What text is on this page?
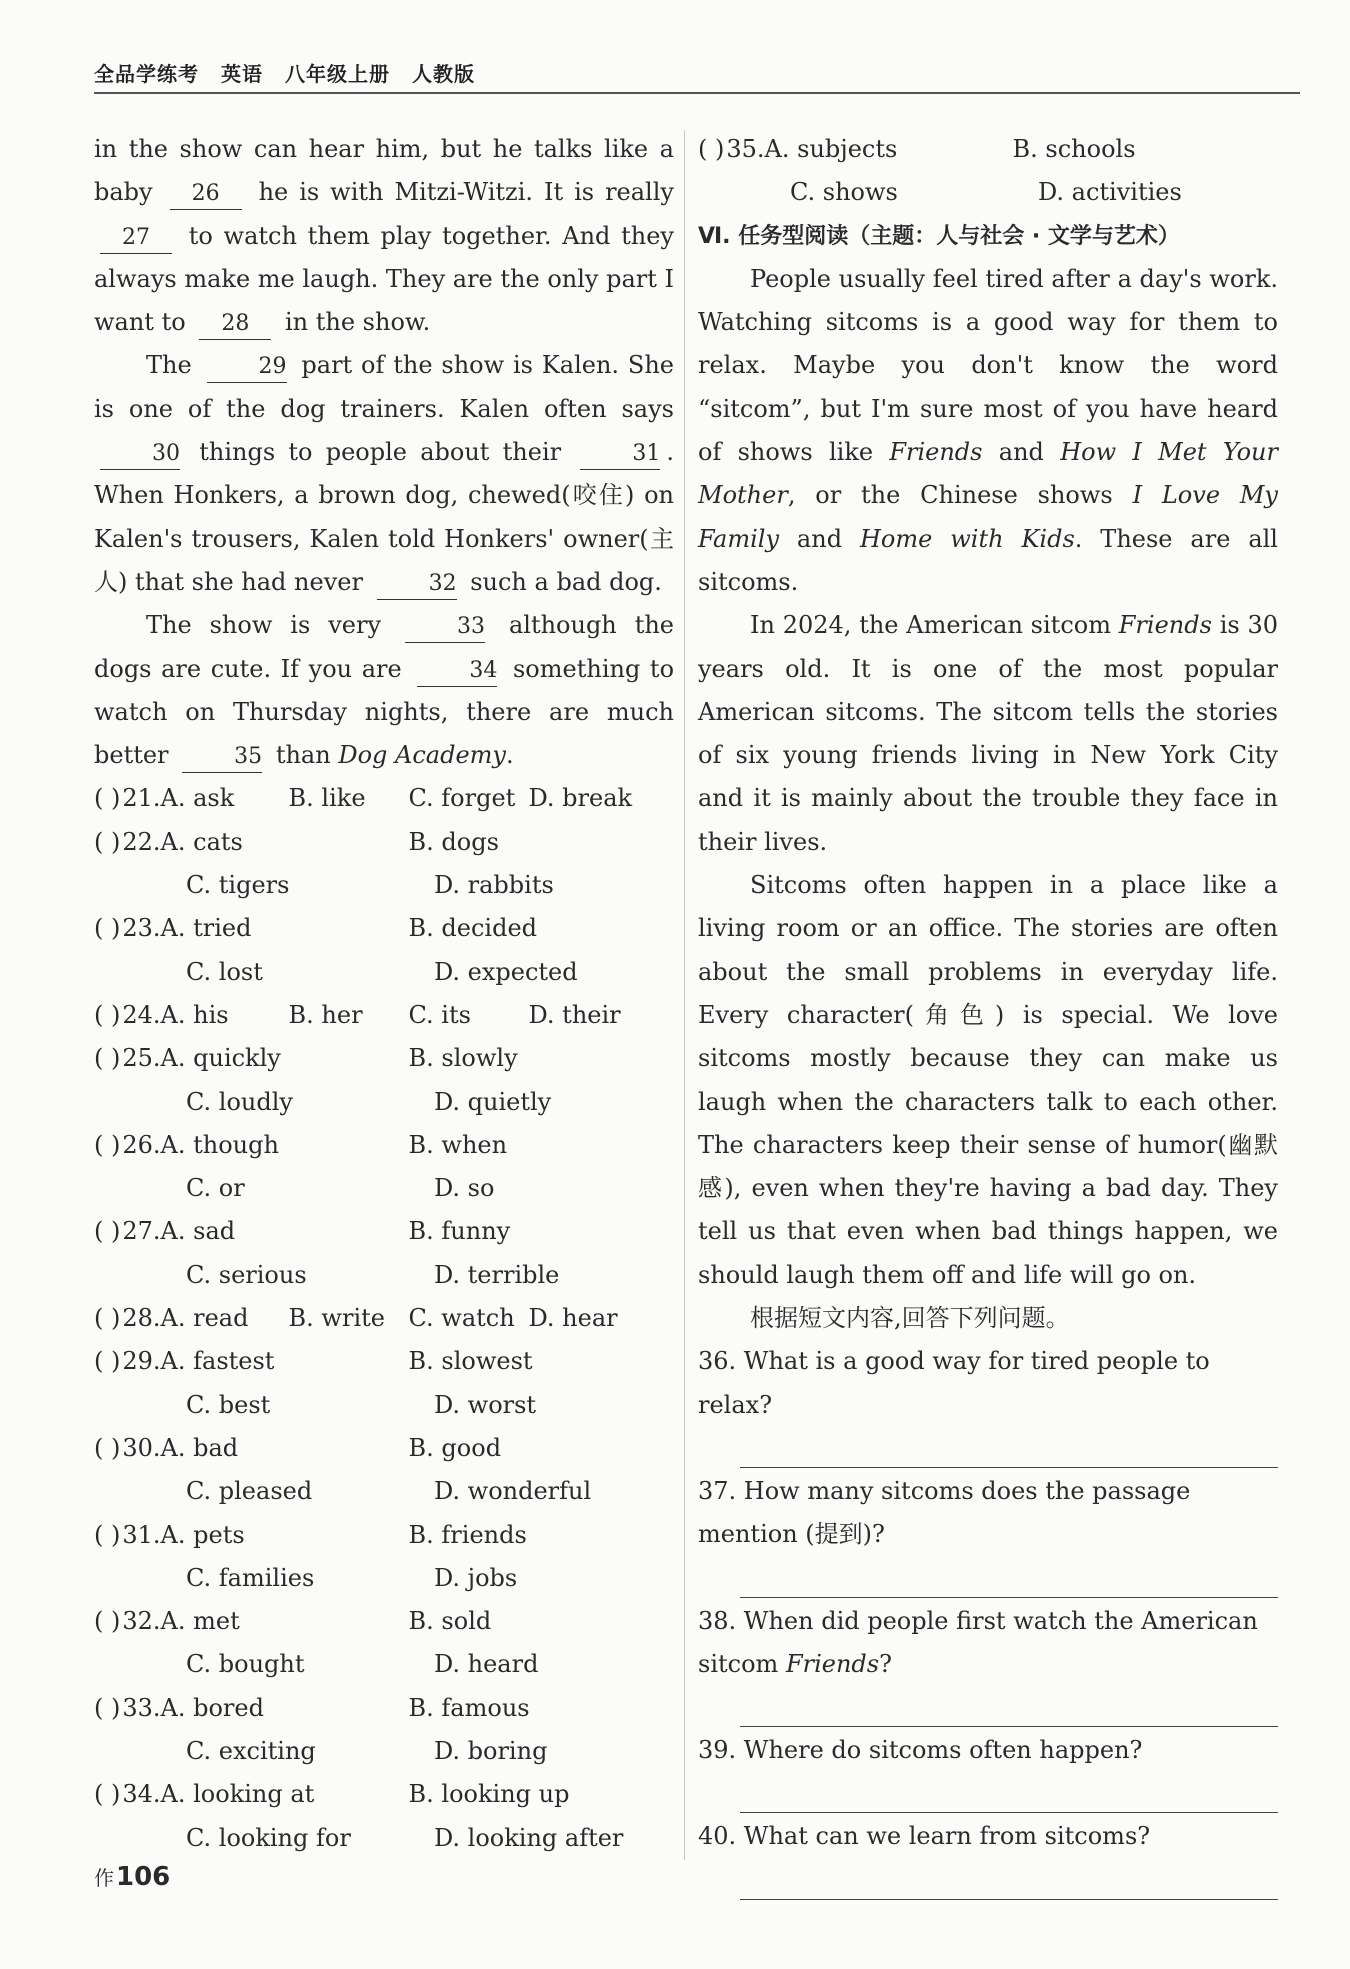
全品学练考 英语 八年级上册 人教版

in the show can hear him, but he talks like a baby 26 he is with Mitzi-Witzi. It is really 27 to watch them play together. And they always make me laugh. They are the only part I want to 28 in the show.

The	29 part of the show is Kalen. She is one of the dog trainers. Kalen often says 30 things to people about their	31 . When Honkers, a brown dog, chewed(咬住) on Kalen's trousers, Kalen told Honkers' owner(主人) that she had never	32 such a bad dog.

The show is very	33 although the dogs are cute. If you are	34 something to watch on Thursday nights, there are much better	35 than Dog Academy.

( ) 21. A. ask	B. like	C. forget D. break
( ) 22. A. cats	B. dogs
C. tigers	D. rabbits
( ) 23. A. tried	B. decided
C. lost	D. expected
( ) 24. A. his	B. her	C. its	D. their
( ) 25. A. quickly	B. slowly
C. loudly	D. quietly
( ) 26. A. though	B. when
C. or	D. so
( ) 27. A. sad	B. funny
C. serious	D. terrible
( ) 28. A. read	B. write C. watch D. hear
( ) 29. A. fastest	B. slowest
C. best	D. worst
( ) 30. A. bad	B. good
C. pleased	D. wonderful
( ) 31. A. pets	B. friends
C. families	D. jobs
( ) 32. A. met	B. sold
C. bought	D. heard
( ) 33. A. bored	B. famous
C. exciting	D. boring
( ) 34. A. looking at	B. looking up
C. looking for	D. looking after
( ) 35. A. subjects	B. schools
C. shows	D. activities
Ⅵ. 任务型阅读（主题：人与社会 · 文学与艺术）

People usually feel tired after a day's work. Watching sitcoms is a good way for them to relax. Maybe you don't know the word “sitcom”, but I'm sure most of you have heard of shows like Friends and How I Met Your Mother, or the Chinese shows I Love My Family and Home with Kids. These are all sitcoms.

In 2024, the American sitcom Friends is 30 years old. It is one of the most popular American sitcoms. The sitcom tells the stories of six young friends living in New York City and it is mainly about the trouble they face in their lives.

Sitcoms often happen in a place like a living room or an office. The stories are often about the small problems in everyday life. Every character(角色) is special. We love sitcoms mostly because they can make us laugh when the characters talk to each other. The characters keep their sense of humor(幽默感), even when they're having a bad day. They tell us that even when bad things happen, we should laugh them off and life will go on.

根据短文内容,回答下列问题。

36. What is a good way for tired people to relax?

37. How many sitcoms does the passage mention (提到)?

38. When did people first watch the American sitcom Friends?

39. Where do sitcoms often happen?

40. What can we learn from sitcoms?

作106
